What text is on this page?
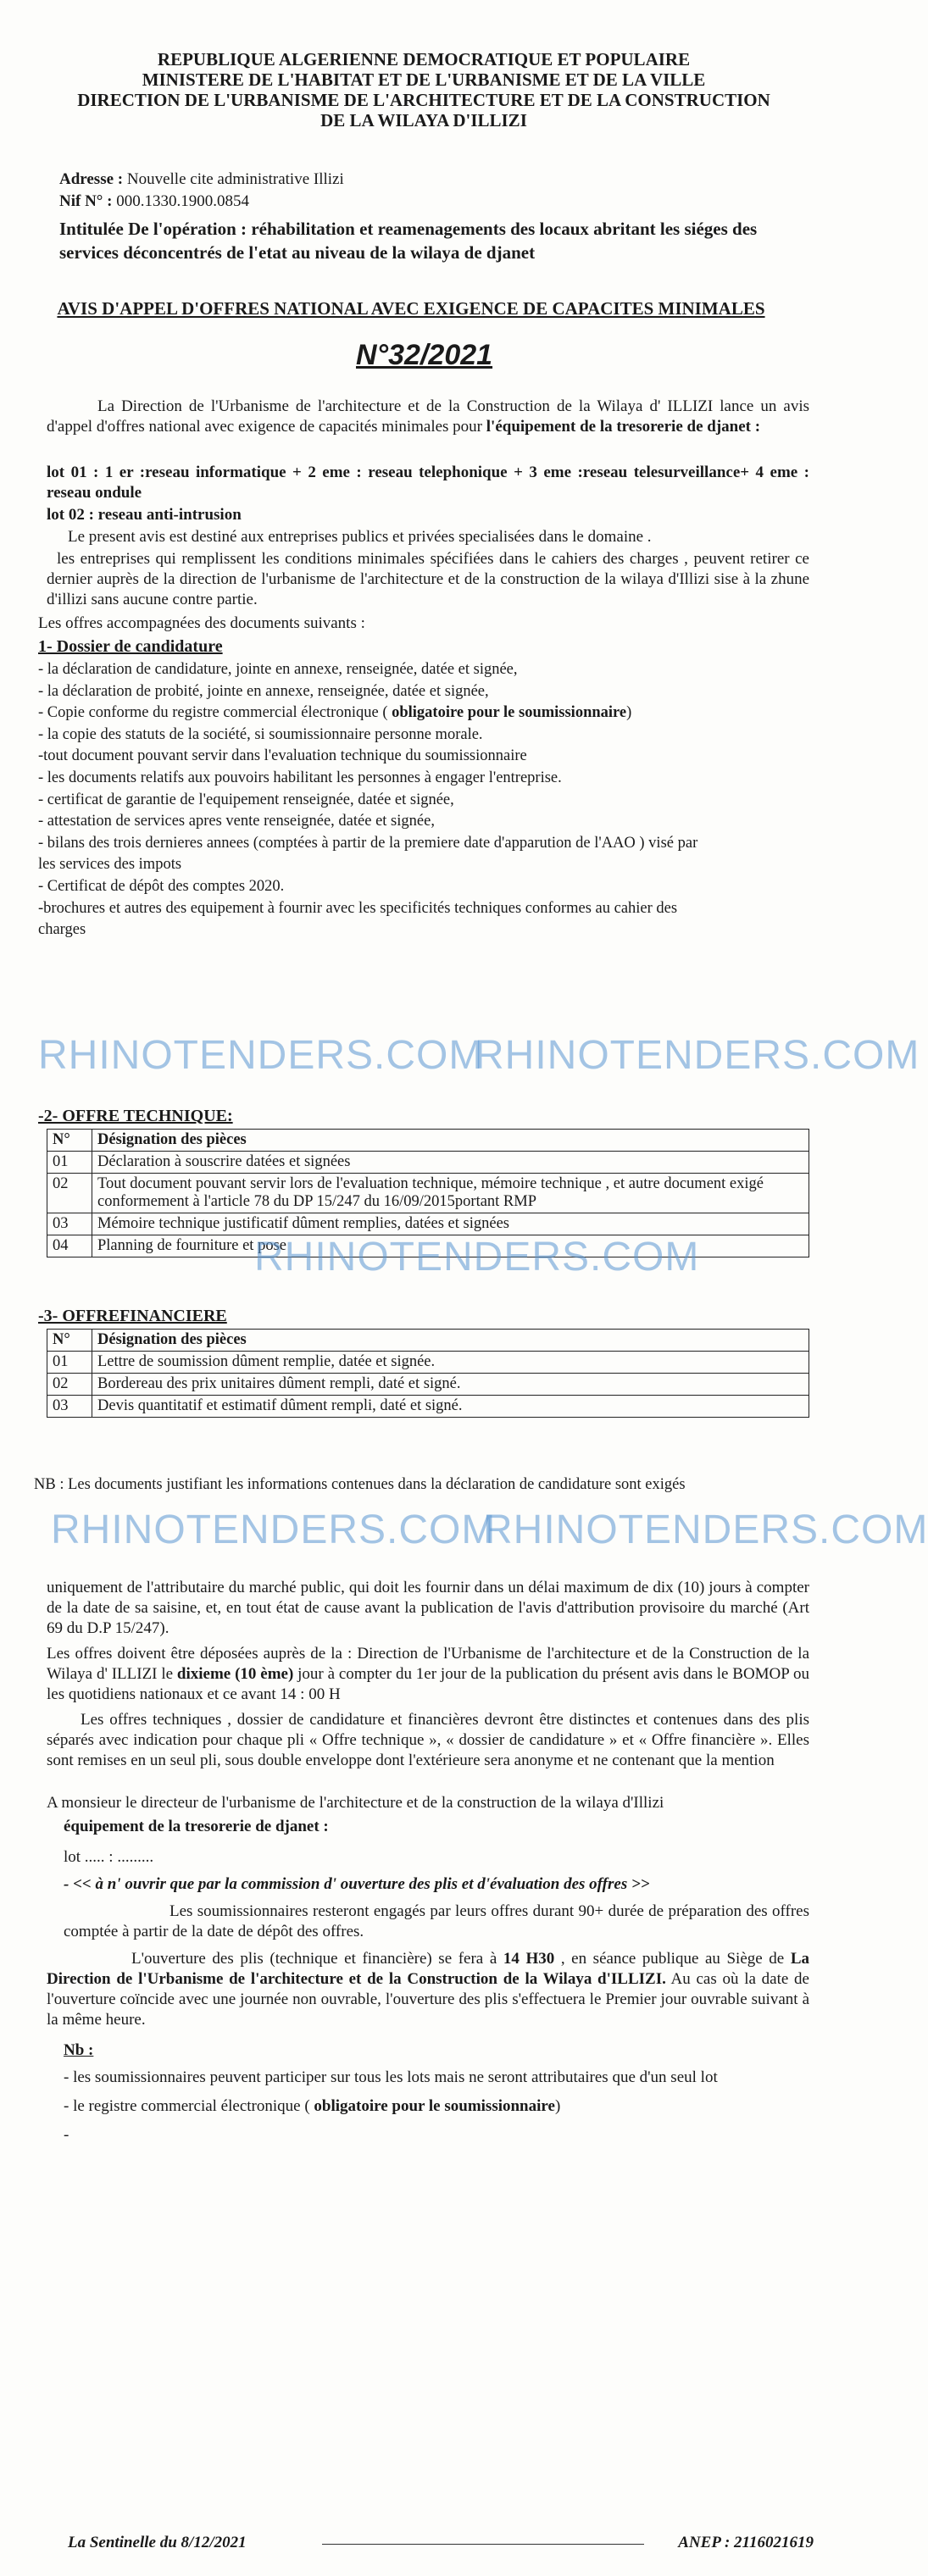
REPUBLIQUE ALGERIENNE DEMOCRATIQUE ET POPULAIRE
MINISTERE DE L'HABITAT ET DE L'URBANISME ET DE LA VILLE
DIRECTION DE L'URBANISME DE L'ARCHITECTURE ET DE LA CONSTRUCTION
DE LA WILAYA D'ILLIZI
Adresse : Nouvelle cite administrative Illizi
Nif N° : 000.1330.1900.0854
Intitulée De l'opération : réhabilitation et reamenagements des locaux abritant les siéges des services déconcentrés de l'etat au niveau de la wilaya de djanet
AVIS D'APPEL D'OFFRES NATIONAL AVEC EXIGENCE DE CAPACITES MINIMALES
N°32/2021
La Direction de l'Urbanisme de l'architecture et de la Construction de la Wilaya d' ILLIZI lance un avis d'appel d'offres national avec exigence de capacités minimales pour l'équipement de la tresorerie de djanet :
lot 01 : 1 er :reseau informatique + 2 eme : reseau telephonique + 3 eme :reseau telesurveillance+ 4 eme : reseau ondule
lot 02 : reseau anti-intrusion
Le present avis est destiné aux entreprises publics et privées specialisées dans le domaine .
les entreprises qui remplissent les conditions minimales spécifiées dans le cahiers des charges , peuvent retirer ce dernier auprès de la direction de l'urbanisme de l'architecture et de la construction de la wilaya d'Illizi sise à la zhune d'illizi sans aucune contre partie.
Les offres accompagnées des documents suivants :
1- Dossier de candidature
- la déclaration de candidature, jointe en annexe, renseignée, datée et signée,
- la déclaration de probité, jointe en annexe, renseignée, datée et signée,
- Copie conforme du registre commercial électronique ( obligatoire pour le soumissionnaire)
- la copie des statuts de la société, si soumissionnaire personne morale.
-tout document pouvant servir dans l'evaluation technique du soumissionnaire
- les documents relatifs aux pouvoirs habilitant les personnes à engager l'entreprise.
- certificat de garantie de l'equipement renseignée, datée et signée,
- attestation de services apres vente renseignée, datée et signée,
- bilans des trois dernieres annees (comptées à partir de la premiere date d'apparution de l'AAO ) visé par
les services des impots
- Certificat de dépôt des comptes 2020.
-brochures et autres des equipement à fournir avec les specificités techniques conformes au cahier des
charges
RHINOTENDERS.COM
RHINOTENDERS.COM
-2- OFFRE TECHNIQUE:
N°	Désignation des pièces
01	Déclaration à souscrire datées et signées
02	Tout document pouvant servir lors de l'evaluation technique, mémoire technique , et autre document exigé conformement à l'article 78 du DP 15/247 du 16/09/2015portant RMP
03	Mémoire technique justificatif dûment remplies, datées et signées
04	Planning de fourniture et pose
RHINOTENDERS.COM
-3- OFFREFINANCIERE
N°	Désignation des pièces
01	Lettre de soumission dûment remplie, datée et signée.
02	Bordereau des prix unitaires dûment rempli, daté et signé.
03	Devis quantitatif et estimatif dûment rempli, daté et signé.
NB : Les documents justifiant les informations contenues dans la déclaration de candidature sont exigés
RHINOTENDERS.COM
RHINOTENDERS.COM
uniquement de l'attributaire du marché public, qui doit les fournir dans un délai maximum de dix (10) jours à compter de la date de sa saisine, et, en tout état de cause avant la publication de l'avis d'attribution provisoire du marché (Art 69 du D.P 15/247).
Les offres doivent être déposées auprès de la : Direction de l'Urbanisme de l'architecture et de la Construction de la Wilaya d' ILLIZI le dixieme (10 ème) jour à compter du 1er jour de la publication du présent avis dans le BOMOP ou les quotidiens nationaux et ce avant 14 : 00 H
Les offres techniques , dossier de candidature et financières devront être distinctes et contenues dans des plis séparés avec indication pour chaque pli « Offre technique », « dossier de candidature » et « Offre financière ». Elles sont remises en un seul pli, sous double enveloppe dont l'extérieure sera anonyme et ne contenant que la mention
A monsieur le directeur de l'urbanisme de l'architecture et de la construction de la wilaya d'Illizi
équipement de la tresorerie de djanet :
lot ..... : .........
- << à n' ouvrir que par la commission d' ouverture des plis et d'évaluation des offres >>
Les soumissionnaires resteront engagés par leurs offres durant 90+ durée de préparation des offres comptée à partir de la date de dépôt des offres.
L'ouverture des plis (technique et financière) se fera à 14 H30 , en séance publique au Siège de La Direction de l'Urbanisme de l'architecture et de la Construction de la Wilaya d'ILLIZI. Au cas où la date de l'ouverture coïncide avec une journée non ouvrable, l'ouverture des plis s'effectuera le Premier jour ouvrable suivant à la même heure.
Nb :
- les soumissionnaires peuvent participer sur tous les lots mais ne seront attributaires que d'un seul lot
- le registre commercial électronique ( obligatoire pour le soumissionnaire)
-
La Sentinelle du 8/12/2021	ANEP : 2116021619
